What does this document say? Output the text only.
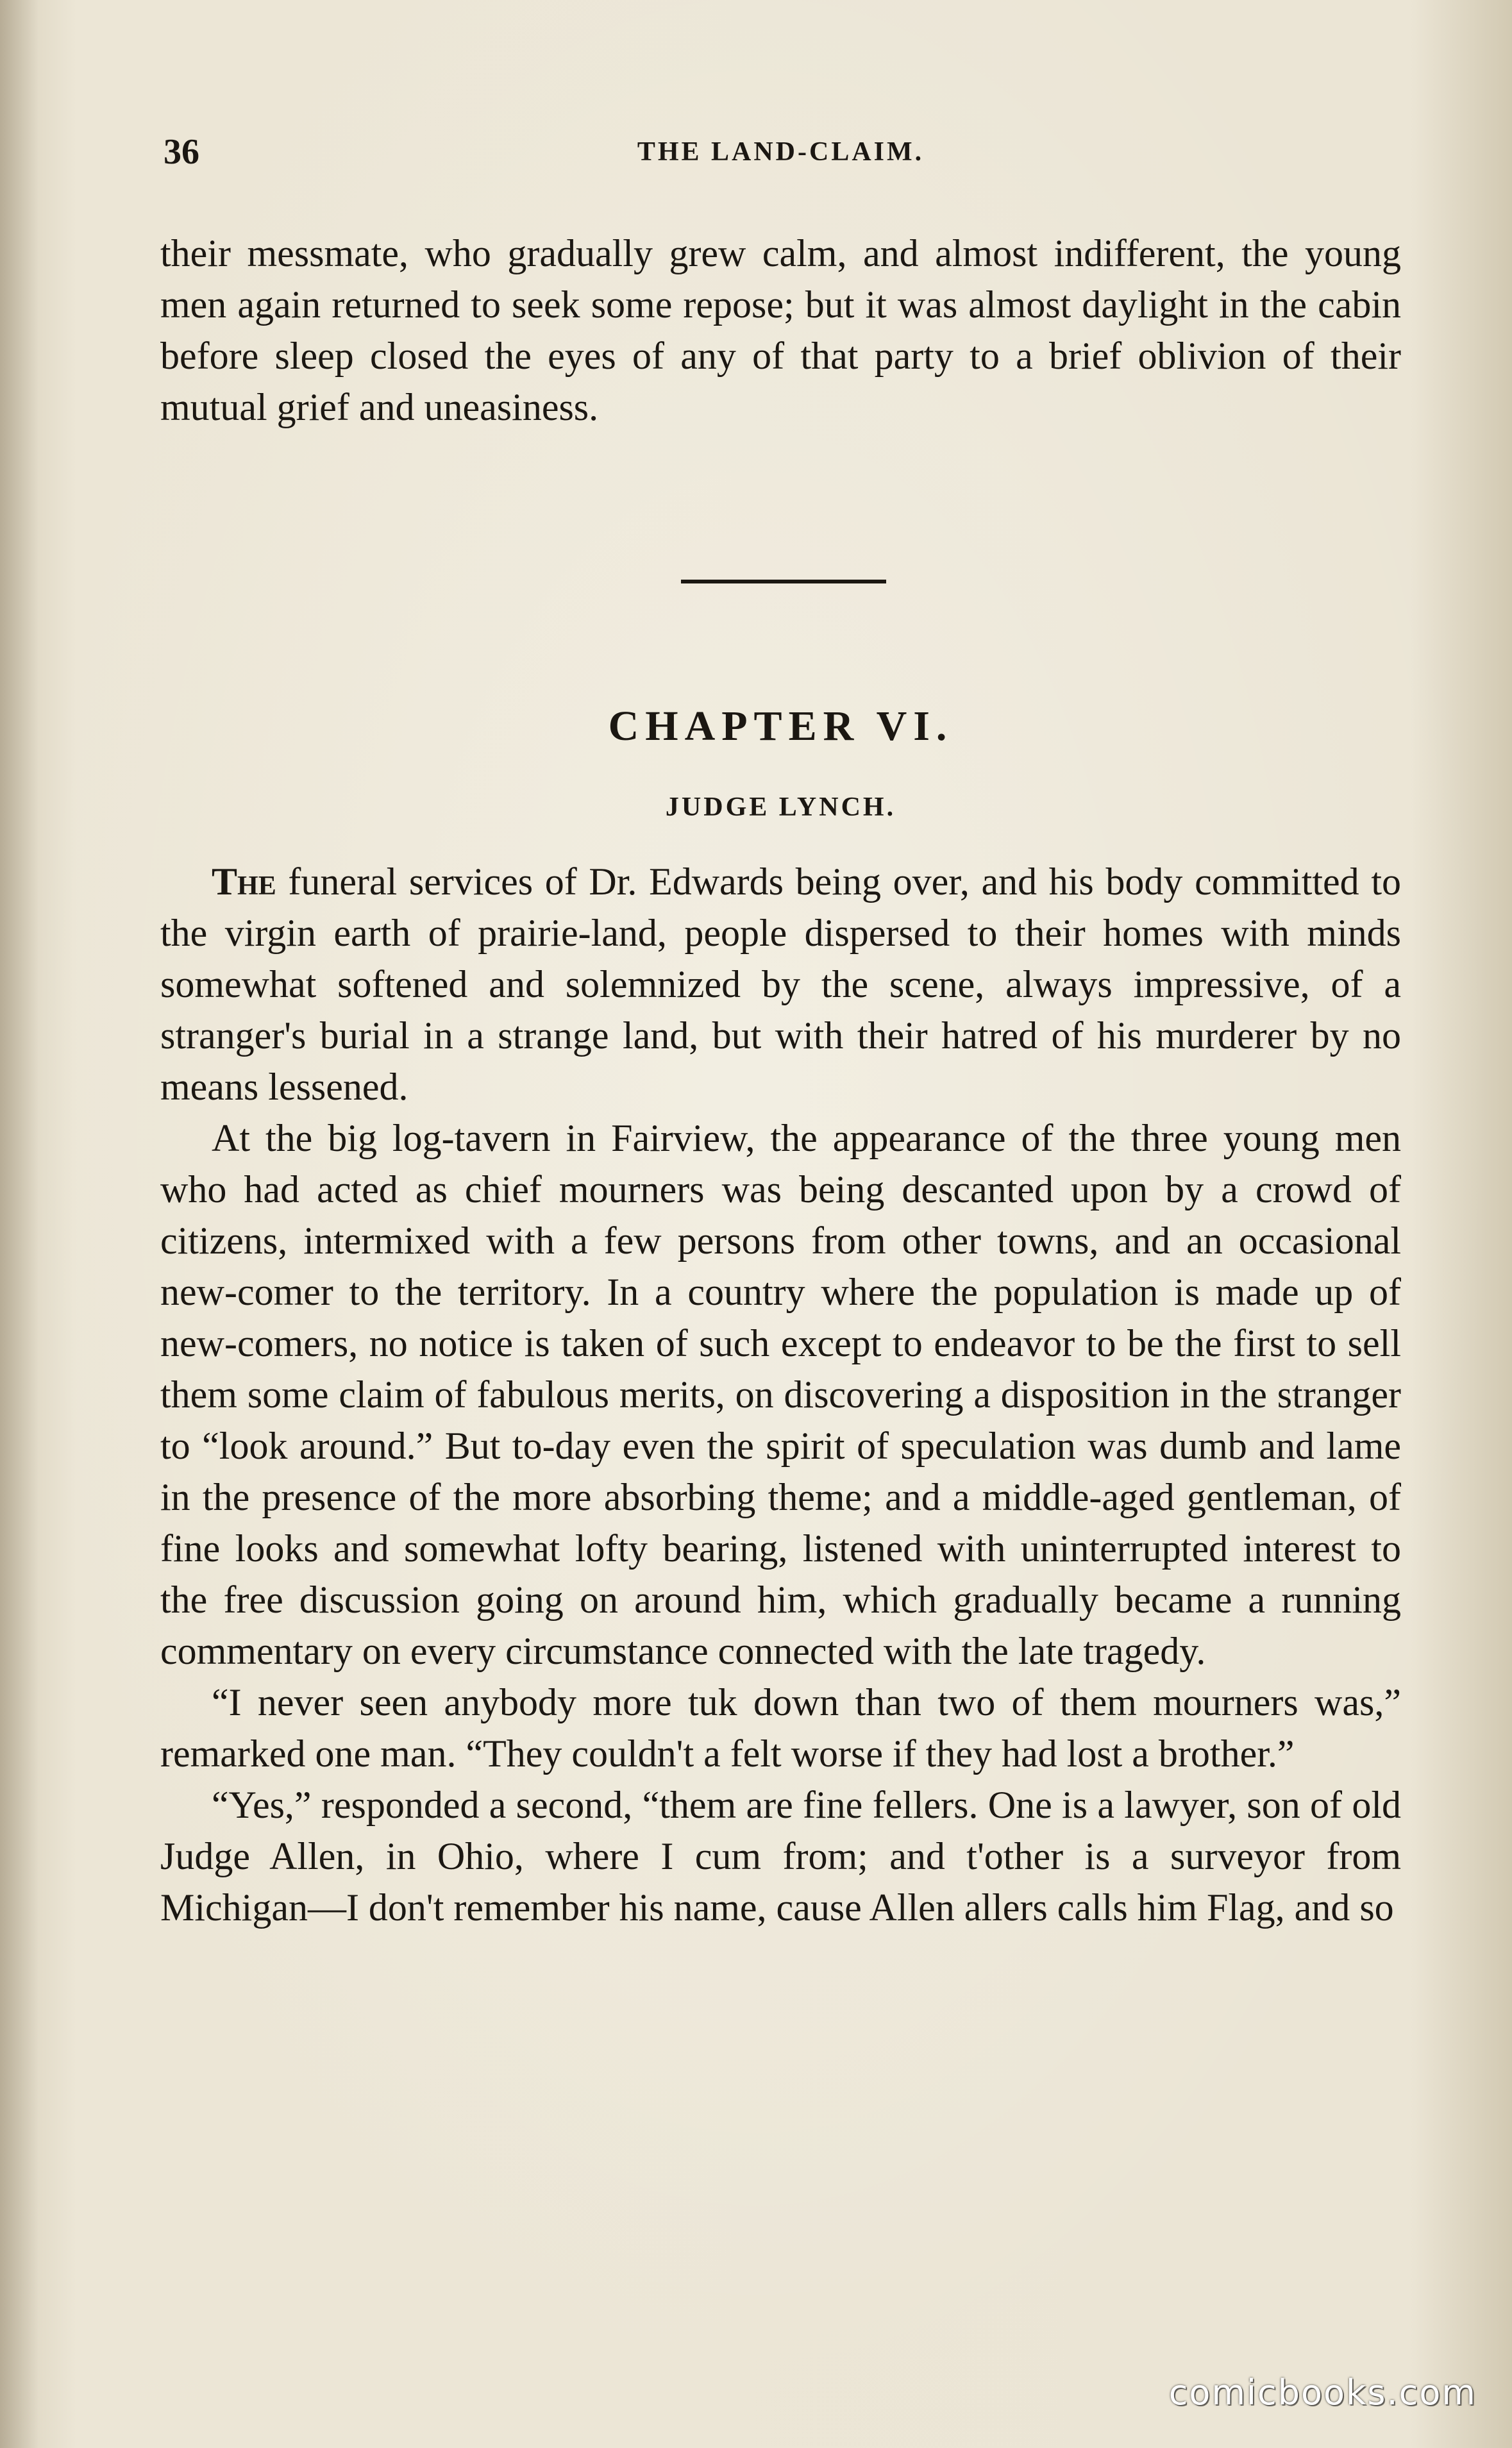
36	THE LAND-CLAIM.

their messmate, who gradually grew calm, and almost indifferent, the young men again returned to seek some repose; but it was almost daylight in the cabin before sleep closed the eyes of any of that party to a brief oblivion of their mutual grief and uneasiness.

CHAPTER VI.
JUDGE LYNCH.

The funeral services of Dr. Edwards being over, and his body committed to the virgin earth of prairie-land, people dispersed to their homes with minds somewhat softened and solemnized by the scene, always impressive, of a stranger's burial in a strange land, but with their hatred of his murderer by no means lessened.

At the big log-tavern in Fairview, the appearance of the three young men who had acted as chief mourners was being descanted upon by a crowd of citizens, intermixed with a few persons from other towns, and an occasional new-comer to the territory. In a country where the population is made up of new-comers, no notice is taken of such except to endeavor to be the first to sell them some claim of fabulous merits, on discovering a disposition in the stranger to “look around.” But to-day even the spirit of speculation was dumb and lame in the presence of the more absorbing theme; and a middle-aged gentleman, of fine looks and somewhat lofty bearing, listened with uninterrupted interest to the free discussion going on around him, which gradually became a running commentary on every circumstance connected with the late tragedy.

“I never seen anybody more tuk down than two of them mourners was,” remarked one man. “They couldn't a felt worse if they had lost a brother.”

“Yes,” responded a second, “them are fine fellers. One is a lawyer, son of old Judge Allen, in Ohio, where I cum from; and t'other is a surveyor from Michigan—I don't remember his name, cause Allen allers calls him Flag, and so

comicbooks.com
